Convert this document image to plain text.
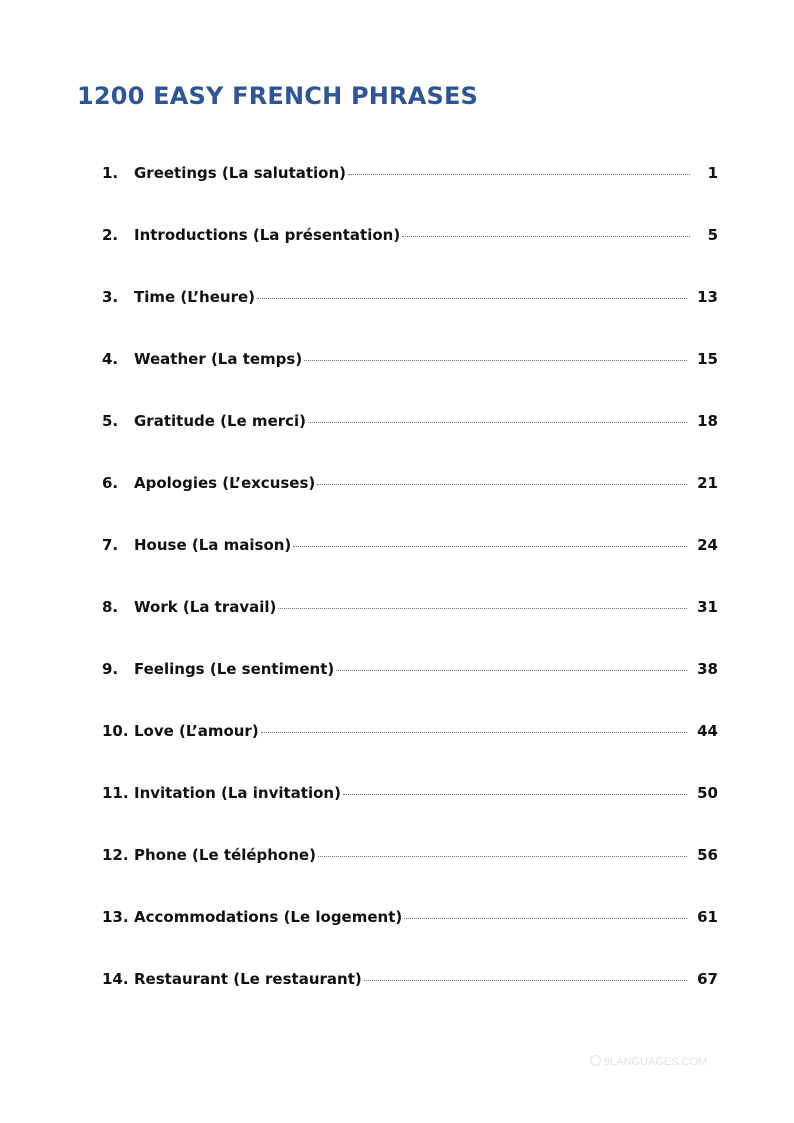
1200 EASY FRENCH PHRASES
1.	Greetings (La salutation)	1
2.	Introductions (La présentation)	5
3.	Time (L’heure)	13
4.	Weather (La temps)	15
5.	Gratitude (Le merci)	18
6.	Apologies (L’excuses)	21
7.	House (La maison)	24
8.	Work (La travail)	31
9.	Feelings (Le sentiment)	38
10. Love (L’amour)	44
11. Invitation (La invitation)	50
12. Phone (Le téléphone)	56
13. Accommodations (Le logement)	61
14. Restaurant (Le restaurant)	67
9LANGUAGES.COM
